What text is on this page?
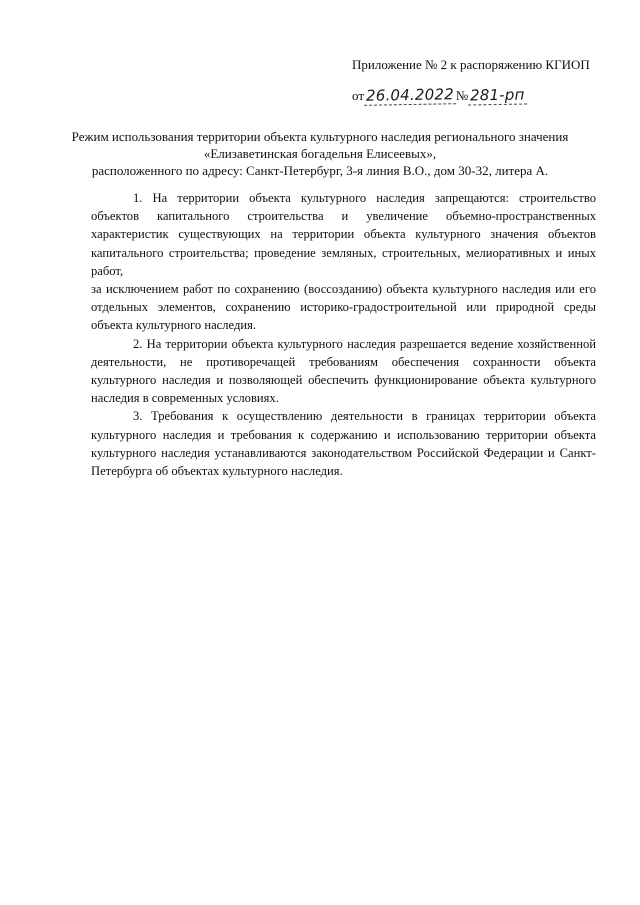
Приложение № 2 к распоряжению КГИОП
от 26.04.2022 № 281-рп
Режим использования территории объекта культурного наследия регионального значения
«Елизаветинская богадельня Елисеевых»,
расположенного по адресу: Санкт-Петербург, 3-я линия В.О., дом 30-32, литера А.

1. На территории объекта культурного наследия запрещаются: строительство объектов капитального строительства и увеличение объемно-пространственных характеристик существующих на территории объекта культурного значения объектов капитального строительства; проведение земляных, строительных, мелиоративных и иных работ,

за исключением работ по сохранению (воссозданию) объекта культурного наследия или его отдельных элементов, сохранению историко-градостроительной или природной среды объекта культурного наследия.

2. На территории объекта культурного наследия разрешается ведение хозяйственной деятельности, не противоречащей требованиям обеспечения сохранности объекта культурного наследия и позволяющей обеспечить функционирование объекта культурного наследия в современных условиях.

3. Требования к осуществлению деятельности в границах территории объекта культурного наследия и требования к содержанию и использованию территории объекта культурного наследия устанавливаются законодательством Российской Федерации и Санкт-Петербурга об объектах культурного наследия.
